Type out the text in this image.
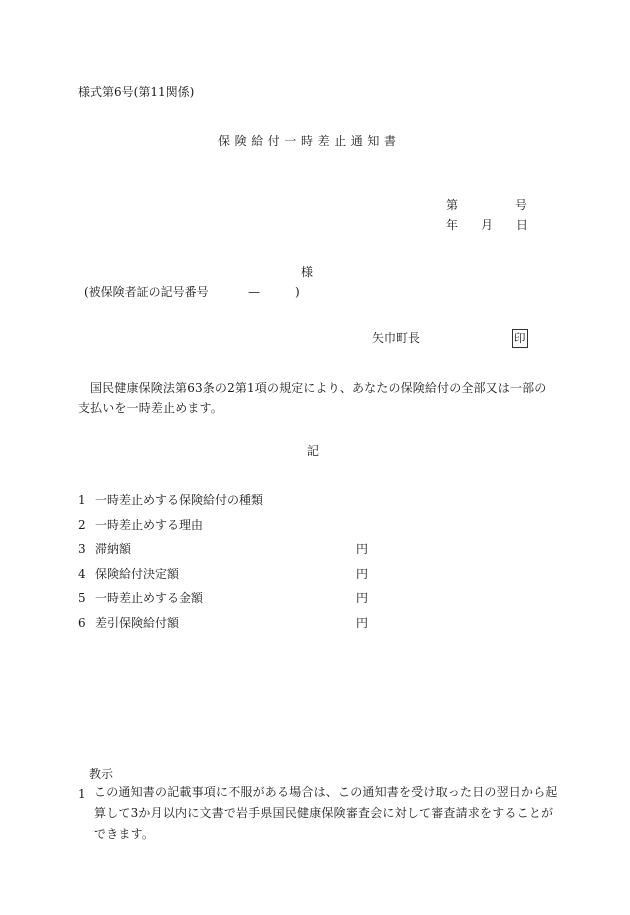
様式第6号(第11関係)
保険給付一時差止通知書
第	号
年 月 日
様
(被保険者証の記号番号	—	)
矢巾町長	印
国民健康保険法第63条の2第1項の規定により、あなたの保険給付の全部又は一部の支払いを一時差止めます。
記
1 一時差止めする保険給付の種類
2 一時差止めする理由
3 滞納額	円
4 保険給付決定額	円
5 一時差止めする金額	円
6 差引保険給付額	円
教示
1 この通知書の記載事項に不服がある場合は、この通知書を受け取った日の翌日から起算して3か月以内に文書で岩手県国民健康保険審査会に対して審査請求をすることができます。
